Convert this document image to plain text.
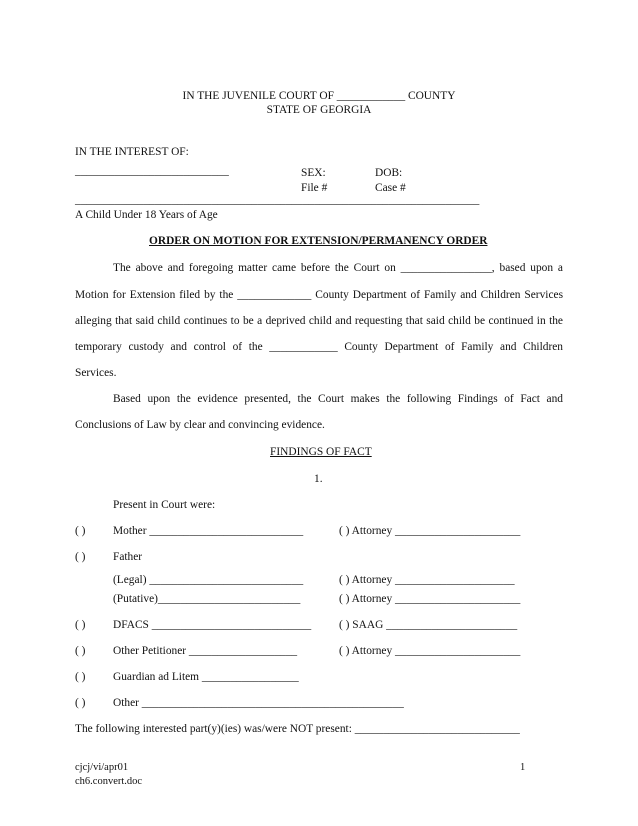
IN THE JUVENILE COURT OF ____________ COUNTY
STATE OF GEORGIA
IN THE INTEREST OF:
___________________________	SEX:	DOB:
File #	Case #
_______________________________________________________________________
A Child Under 18 Years of Age
ORDER ON MOTION FOR EXTENSION/PERMANENCY ORDER
The above and foregoing matter came before the Court on ________________, based upon a
Motion for Extension filed by the _____________ County Department of Family and Children Services
alleging that said child continues to be a deprived child and requesting that said child be continued in the
temporary custody and control of the ____________ County Department of Family and Children
Services.
Based upon the evidence presented, the Court makes the following Findings of Fact and
Conclusions of Law by clear and convincing evidence.
FINDINGS OF FACT
1.
Present in Court were:
( ) Mother ___________________________	( ) Attorney ______________________
( ) Father
(Legal) ___________________________	( ) Attorney _____________________
(Putative)_________________________	( ) Attorney ______________________
( ) DFACS ____________________________ ( ) SAAG _______________________
( ) Other Petitioner ___________________	( ) Attorney ______________________
( ) Guardian ad Litem _________________
( ) Other ______________________________________________
The following interested part(y)(ies) was/were NOT present: _____________________________
cjcj/vi/apr01
ch6.convert.doc
1
